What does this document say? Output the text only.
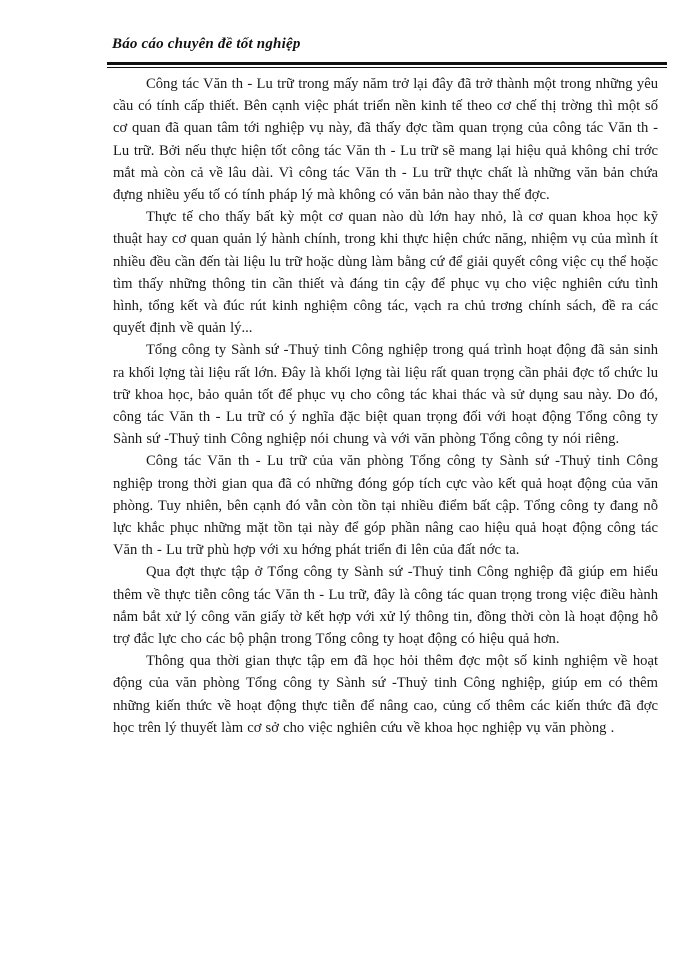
Báo cáo chuyên đề tốt nghiệp

Công tác Văn th - Lu trữ trong mấy năm trở lại đây đã trở thành một trong những yêu cầu có tính cấp thiết. Bên cạnh việc phát triển nền kinh tế theo cơ chế thị trờng thì một số cơ quan đã quan tâm tới nghiệp vụ này, đã thấy đợc tầm quan trọng của công tác Văn th - Lu trữ. Bởi nếu thực hiện tốt công tác Văn th - Lu trữ sẽ mang lại hiệu quả không chỉ trớc mắt mà còn cả về lâu dài. Vì công tác Văn th - Lu trữ thực chất là những văn bản chứa đựng nhiều yếu tố có tính pháp lý mà không có văn bản nào thay thế đợc.

Thực tế cho thấy bất kỳ một cơ quan nào dù lớn hay nhỏ, là cơ quan khoa học kỹ thuật hay cơ quan quản lý hành chính, trong khi thực hiện chức năng, nhiệm vụ của mình ít nhiều đều cần đến tài liệu lu trữ hoặc dùng làm bằng cứ để giải quyết công việc cụ thể hoặc tìm thấy những thông tin cần thiết và đáng tin cậy để phục vụ cho việc nghiên cứu tình hình, tổng kết và đúc rút kinh nghiệm công tác, vạch ra chủ trơng chính sách, đề ra các quyết định về quản lý...

Tổng công ty Sành sứ -Thuỷ tinh Công nghiệp trong quá trình hoạt động đã sản sinh ra khối lợng tài liệu rất lớn. Đây là khối lợng tài liệu rất quan trọng cần phải đợc tổ chức lu trữ khoa học, bảo quản tốt để phục vụ cho công tác khai thác và sử dụng sau này. Do đó, công tác Văn th - Lu trữ có ý nghĩa đặc biệt quan trọng đối với hoạt động Tổng công ty Sành sứ -Thuỷ tinh Công nghiệp nói chung và với văn phòng Tổng công ty nói riêng.

Công tác Văn th - Lu trữ của văn phòng Tổng công ty Sành sứ -Thuỷ tinh Công nghiệp trong thời gian qua đã có những đóng góp tích cực vào kết quả hoạt động của văn phòng. Tuy nhiên, bên cạnh đó vẫn còn tồn tại nhiều điểm bất cập. Tổng công ty đang nỗ lực khắc phục những mặt tồn tại này để góp phần nâng cao hiệu quả hoạt động công tác Văn th - Lu trữ phù hợp với xu hớng phát triển đi lên của đất nớc ta.

Qua đợt thực tập ở Tổng công ty Sành sứ -Thuỷ tinh Công nghiệp đã giúp em hiểu thêm về thực tiễn công tác Văn th - Lu trữ, đây là công tác quan trọng trong việc điều hành nắm bắt xử lý công văn giấy tờ kết hợp với xử lý thông tin, đồng thời còn là hoạt động hỗ trợ đắc lực cho các bộ phận trong Tổng công ty hoạt động có hiệu quả hơn.

Thông qua thời gian thực tập em đã học hỏi thêm đợc một số kinh nghiệm về hoạt động của văn phòng Tổng công ty Sành sứ -Thuỷ tinh Công nghiệp, giúp em có thêm những kiến thức về hoạt động thực tiễn để nâng cao, củng cố thêm các kiến thức đã đợc học trên lý thuyết làm cơ sở cho việc nghiên cứu về khoa học nghiệp vụ văn phòng .
